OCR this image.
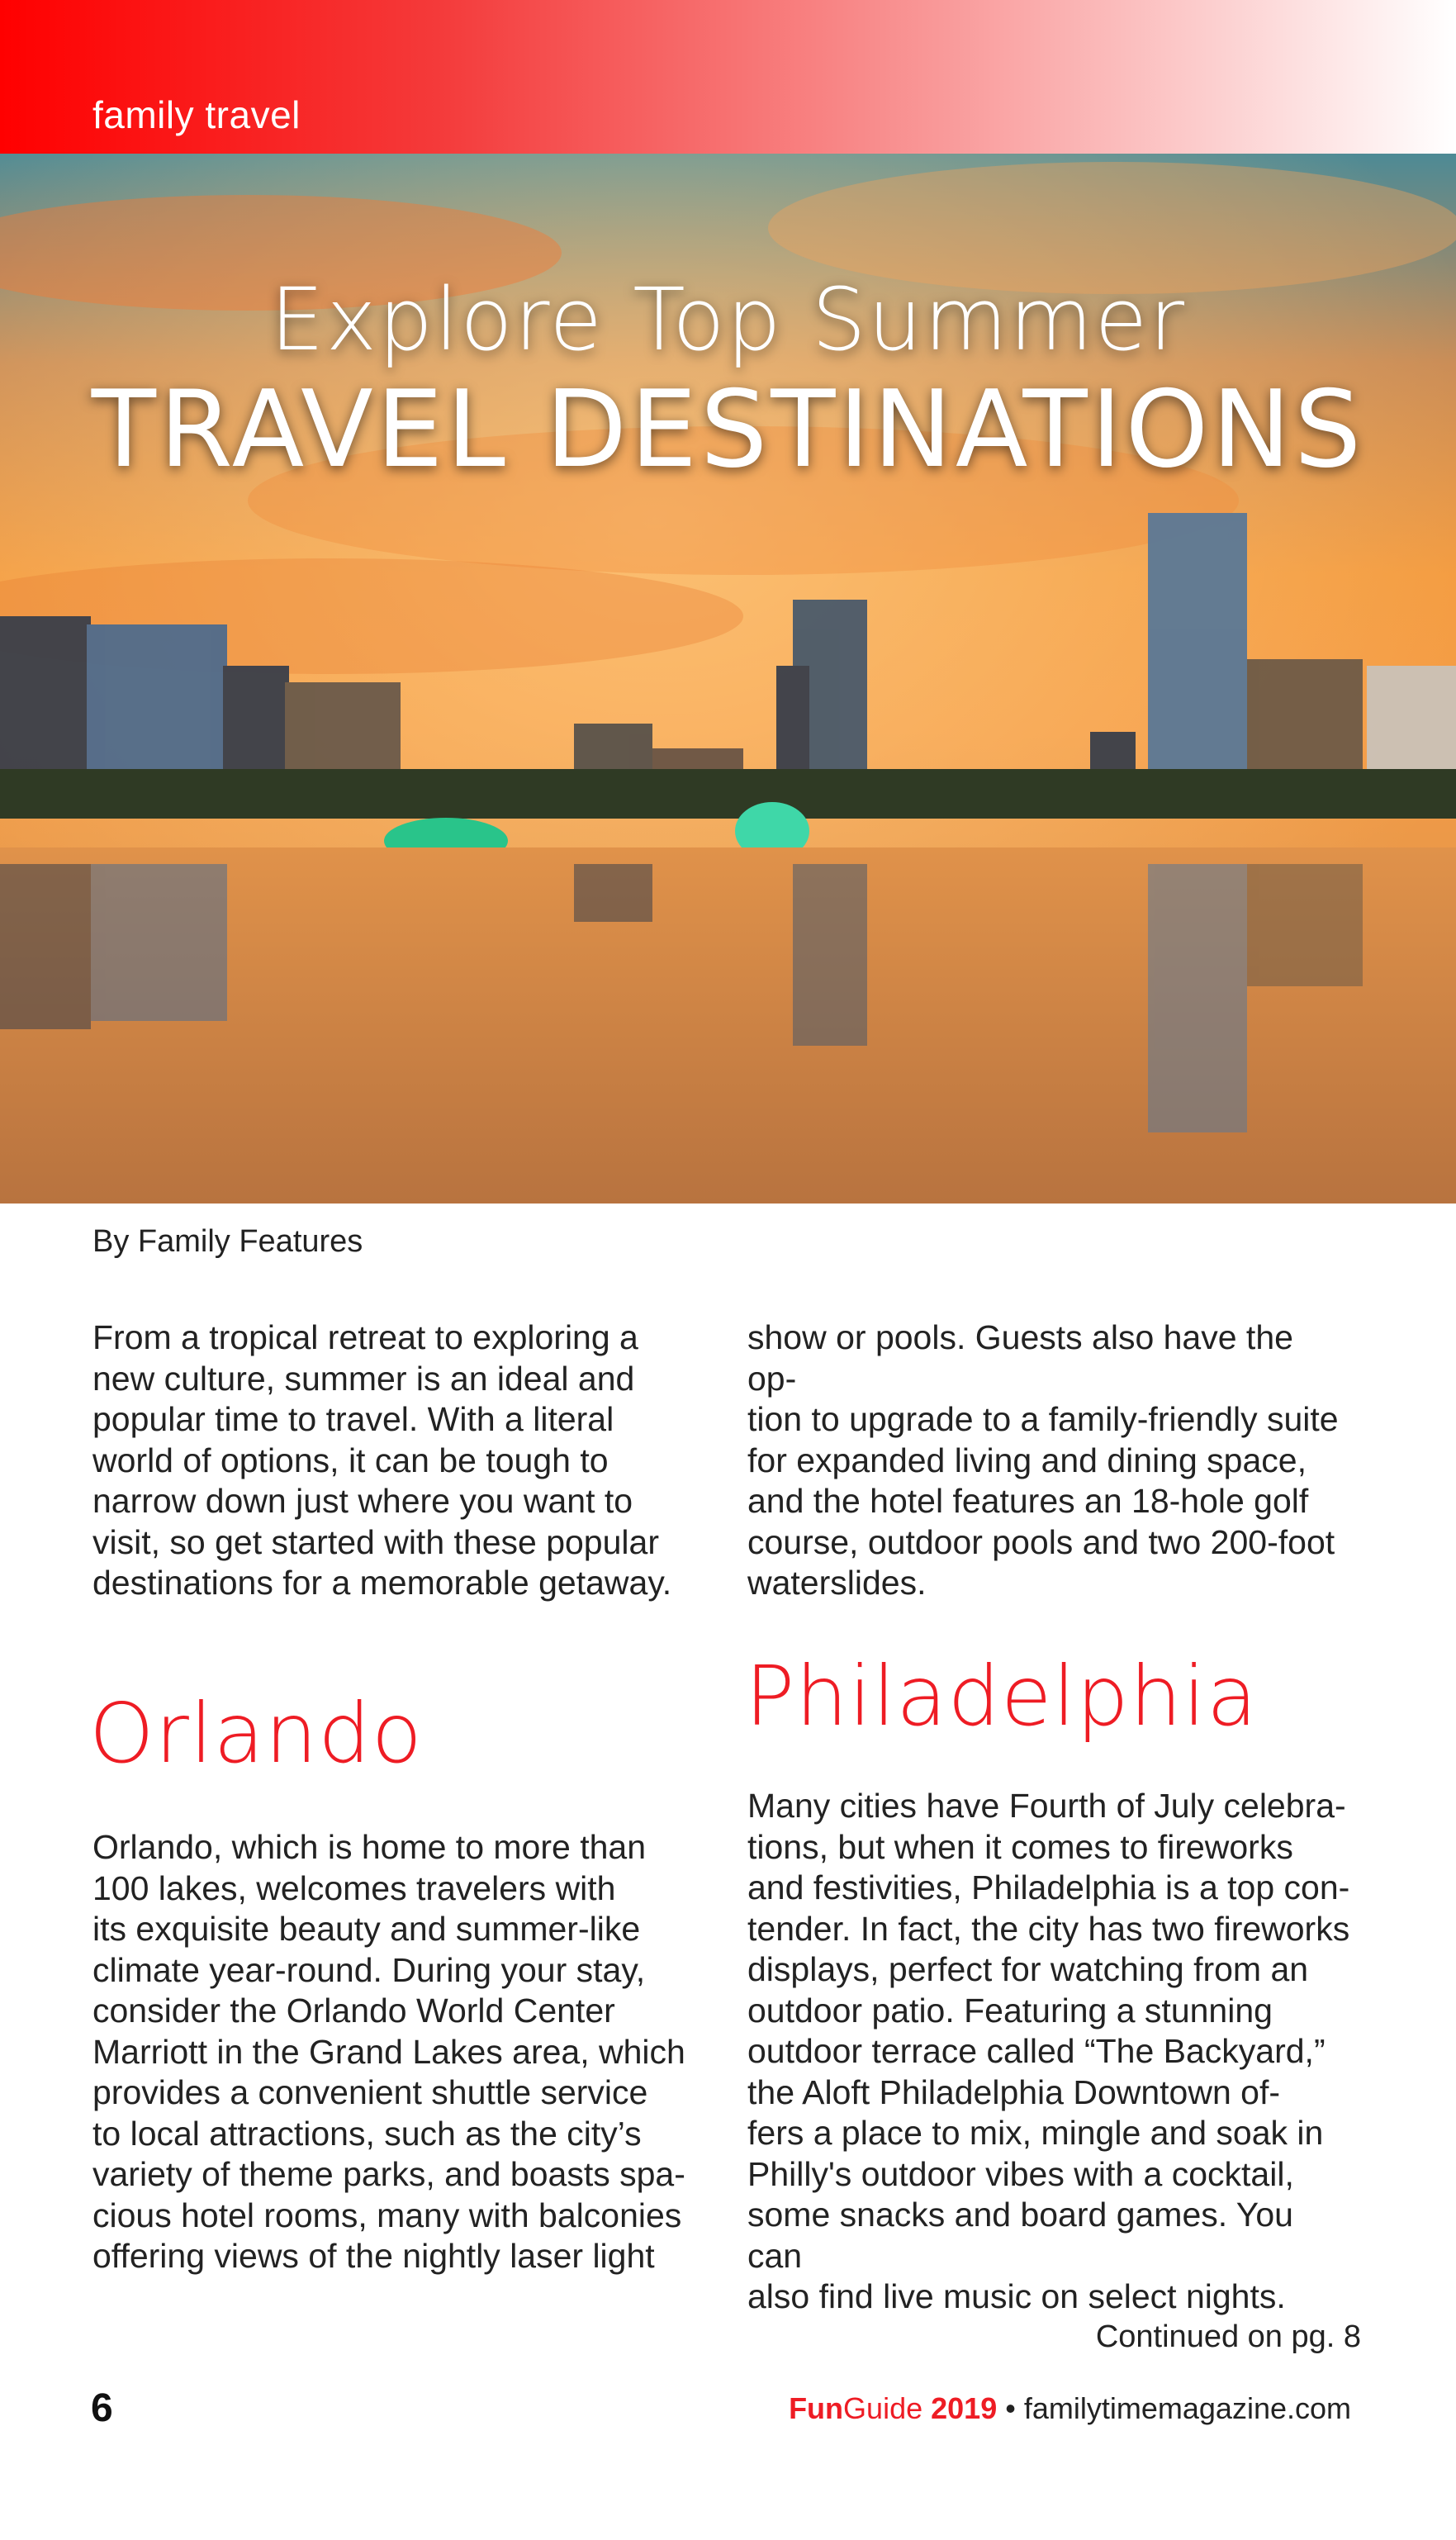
family travel
Explore Top Summer
TRAVEL DESTINATIONS
By Family Features

From a tropical retreat to exploring a
new culture, summer is an ideal and
popular time to travel. With a literal
world of options, it can be tough to
narrow down just where you want to
visit, so get started with these popular
destinations for a memorable getaway.

Orlando

Orlando, which is home to more than
100 lakes, welcomes travelers with
its exquisite beauty and summer-like
climate year-round. During your stay,
consider the Orlando World Center
Marriott in the Grand Lakes area, which
provides a convenient shuttle service
to local attractions, such as the city’s
variety of theme parks, and boasts spa-
cious hotel rooms, many with balconies
offering views of the nightly laser light

show or pools. Guests also have the op-
tion to upgrade to a family-friendly suite
for expanded living and dining space,
and the hotel features an 18-hole golf
course, outdoor pools and two 200-foot
waterslides.

Philadelphia

Many cities have Fourth of July celebra-
tions, but when it comes to fireworks
and festivities, Philadelphia is a top con-
tender. In fact, the city has two fireworks
displays, perfect for watching from an
outdoor patio. Featuring a stunning
outdoor terrace called “The Backyard,”
the Aloft Philadelphia Downtown of-
fers a place to mix, mingle and soak in
Philly's outdoor vibes with a cocktail,
some snacks and board games. You can
also find live music on select nights.

Continued on pg. 8
6	FunGuide 2019 • familytimemagazine.com
